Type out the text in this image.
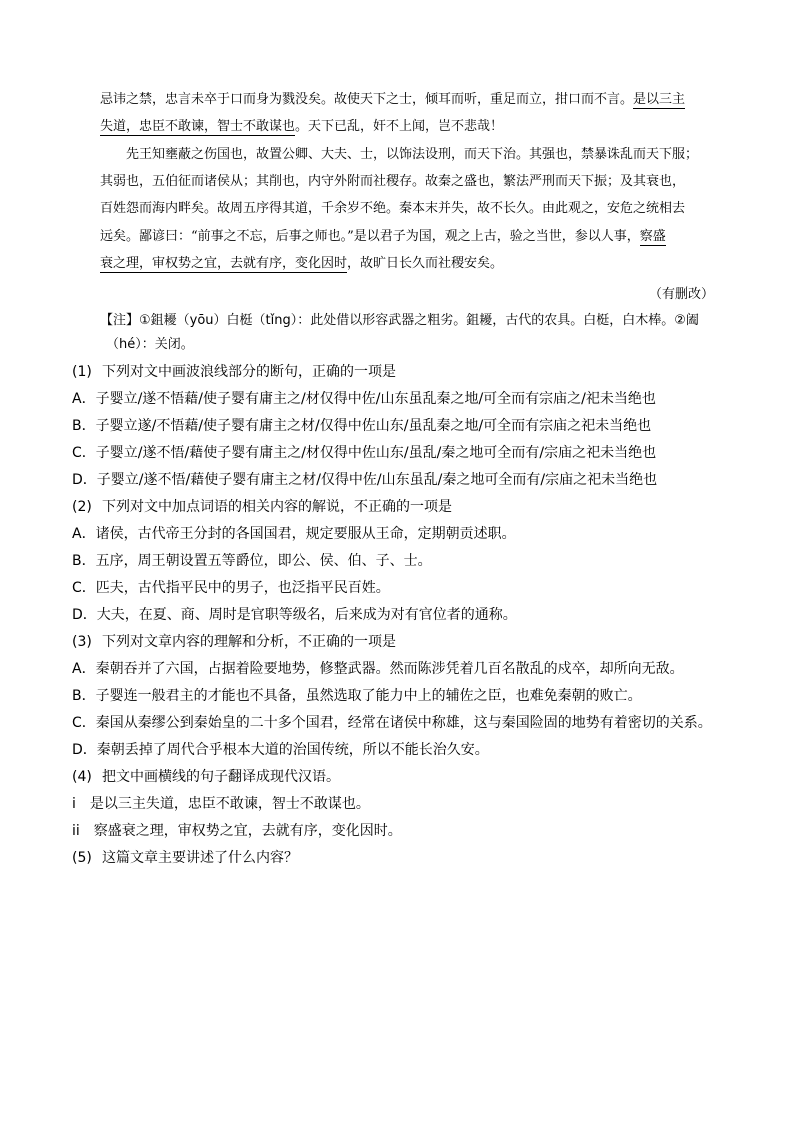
忌讳之禁，忠言未卒于口而身为戮没矣。故使天下之士，倾耳而听，重足而立，拑口而不言。是以三主
失道，忠臣不敢谏，智士不敢谋也。天下已乱，奸不上闻，岂不悲哉！
先王知壅蔽之伤国也，故置公卿、大夫、士，以饰法设刑，而天下治。其强也，禁暴诛乱而天下服；
其弱也，五伯征而诸侯从；其削也，内守外附而社稷存。故秦之盛也，繁法严刑而天下振；及其衰也，
百姓怨而海内畔矣。故周五序得其道，千余岁不绝。秦本末并失，故不长久。由此观之，安危之统相去
远矣。鄙谚曰：“前事之不忘，后事之师也。”是以君子为国，观之上古，验之当世，参以人事，察盛
衰之理，审权势之宜，去就有序，变化因时，故旷日长久而社稷安矣。
（有删改）
【注】①鉏耰（yōu）白梃（tǐng）：此处借以形容武器之粗劣。鉏耰，古代的农具。白梃，白木棒。②阖
（hé）：关闭。
(1) 下列对文中画波浪线部分的断句，正确的一项是
A．子婴立/遂不悟藉/使子婴有庸主之/材仅得中佐/山东虽乱秦之地/可全而有宗庙之/祀未当绝也
B．子婴立遂/不悟藉/使子婴有庸主之材/仅得中佐山东/虽乱秦之地/可全而有宗庙之祀未当绝也
C．子婴立/遂不悟/藉使子婴有庸主之/材仅得中佐山东/虽乱/秦之地可全而有/宗庙之祀未当绝也
D．子婴立/遂不悟/藉使子婴有庸主之材/仅得中佐/山东虽乱/秦之地可全而有/宗庙之祀未当绝也
(2) 下列对文中加点词语的相关内容的解说，不正确的一项是
A．诸侯，古代帝王分封的各国国君，规定要服从王命，定期朝贡述职。
B．五序，周王朝设置五等爵位，即公、侯、伯、子、士。
C．匹夫，古代指平民中的男子，也泛指平民百姓。
D．大夫，在夏、商、周时是官职等级名，后来成为对有官位者的通称。
(3) 下列对文章内容的理解和分析，不正确的一项是
A．秦朝吞并了六国，占据着险要地势，修整武器。然而陈涉凭着几百名散乱的戍卒，却所向无敌。
B．子婴连一般君主的才能也不具备，虽然选取了能力中上的辅佐之臣，也难免秦朝的败亡。
C．秦国从秦缪公到秦始皇的二十多个国君，经常在诸侯中称雄，这与秦国险固的地势有着密切的关系。
D．秦朝丢掉了周代合乎根本大道的治国传统，所以不能长治久安。
(4) 把文中画横线的句子翻译成现代汉语。
i　是以三主失道，忠臣不敢谏，智士不敢谋也。
ii　察盛衰之理，审权势之宜，去就有序，变化因时。
(5) 这篇文章主要讲述了什么内容？
